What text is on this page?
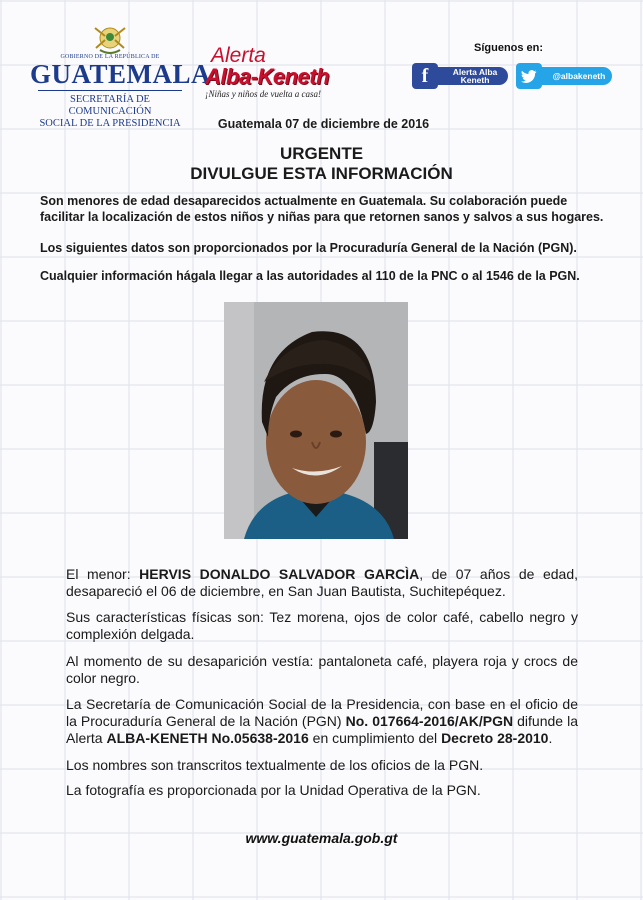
GOBIERNO DE LA REPÚBLICA DE
GUATEMALA
SECRETARÍA DE COMUNICACIÓN
SOCIAL DE LA PRESIDENCIA
Alerta
Alba-Keneth
¡Niñas y niños de vuelta a casa!
Síguenos en:
f	Alerta Alba
Keneth	@albakeneth
Guatemala 07 de diciembre de 2016
URGENTE
DIVULGUE ESTA INFORMACIÓN

Son menores de edad desaparecidos actualmente en Guatemala. Su colaboración puede facilitar la localización de estos niños y niñas para que retornen sanos y salvos a sus hogares.

Los siguientes datos son proporcionados por la Procuraduría General de la Nación (PGN).

Cualquier información hágala llegar a las autoridades al 110 de la PNC o al 1546 de la PGN.

El menor: HERVIS DONALDO SALVADOR GARCÌA, de 07 años de edad, desapareció el 06 de diciembre, en San Juan Bautista, Suchitepéquez.

Sus características físicas son: Tez morena, ojos de color café, cabello negro y complexión delgada.

Al momento de su desaparición vestía: pantaloneta café, playera roja y crocs de color negro.

La Secretaría de Comunicación Social de la Presidencia, con base en el oficio de la Procuraduría General de la Nación (PGN) No. 017664-2016/AK/PGN difunde la Alerta ALBA-KENETH No.05638-2016 en cumplimiento del Decreto 28-2010.

Los nombres son transcritos textualmente de los oficios de la PGN.

La fotografía es proporcionada por la Unidad Operativa de la PGN.

www.guatemala.gob.gt
